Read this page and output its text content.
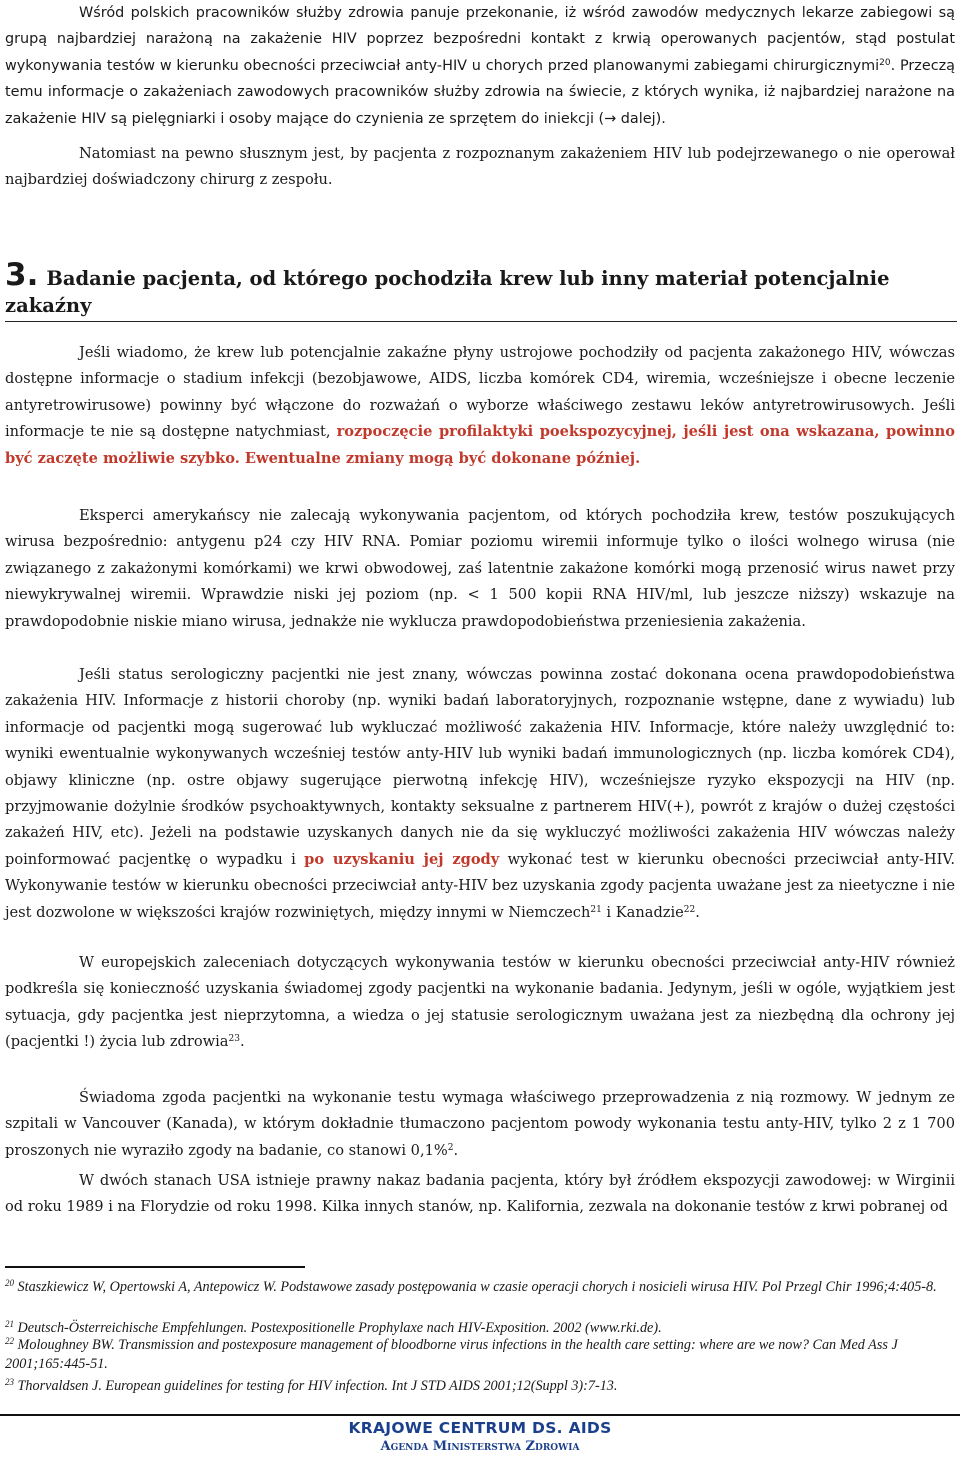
Wśród polskich pracowników służby zdrowia panuje przekonanie, iż wśród zawodów medycznych lekarze zabiegowi są grupą najbardziej narażoną na zakażenie HIV poprzez bezpośredni kontakt z krwią operowanych pacjentów, stąd postulat wykonywania testów w kierunku obecności przeciwciał anty-HIV u chorych przed planowanymi zabiegami chirurgicznymi$^{20}$. Przeczą temu informacje o zakażeniach zawodowych pracowników służby zdrowia na świecie, z których wynika, iż najbardziej narażone na zakażenie HIV są pielęgniarki i osoby mające do czynienia ze sprzętem do iniekcji (→ dalej).

Natomiast na pewno słusznym jest, by pacjenta z rozpoznanym zakażeniem HIV lub podejrzewanego o nie operował najbardziej doświadczony chirurg z zespołu.

3. Badanie pacjenta, od którego pochodziła krew lub inny materiał potencjalnie zakaźny

Jeśli wiadomo, że krew lub potencjalnie zakaźne płyny ustrojowe pochodziły od pacjenta zakażonego HIV, wówczas dostępne informacje o stadium infekcji (bezobjawowe, AIDS, liczba komórek CD4, wiremia, wcześniejsze i obecne leczenie antyretrowirusowe) powinny być włączone do rozważań o wyborze właściwego zestawu leków antyretrowirusowych. Jeśli informacje te nie są dostępne natychmiast, rozpoczęcie profilaktyki poekspozycyjnej, jeśli jest ona wskazana, powinno być zaczęte możliwie szybko. Ewentualne zmiany mogą być dokonane później.

Eksperci amerykańscy nie zalecają wykonywania pacjentom, od których pochodziła krew, testów poszukujących wirusa bezpośrednio: antygenu p24 czy HIV RNA. Pomiar poziomu wiremii informuje tylko o ilości wolnego wirusa (nie związanego z zakażonymi komórkami) we krwi obwodowej, zaś latentnie zakażone komórki mogą przenosić wirus nawet przy niewykrywalnej wiremii. Wprawdzie niski jej poziom (np. < 1 500 kopii RNA HIV/ml, lub jeszcze niższy) wskazuje na prawdopodobnie niskie miano wirusa, jednakże nie wyklucza prawdopodobieństwa przeniesienia zakażenia.

Jeśli status serologiczny pacjentki nie jest znany, wówczas powinna zostać dokonana ocena prawdopodobieństwa zakażenia HIV. Informacje z historii choroby (np. wyniki badań laboratoryjnych, rozpoznanie wstępne, dane z wywiadu) lub informacje od pacjentki mogą sugerować lub wykluczać możliwość zakażenia HIV. Informacje, które należy uwzględnić to: wyniki ewentualnie wykonywanych wcześniej testów anty-HIV lub wyniki badań immunologicznych (np. liczba komórek CD4), objawy kliniczne (np. ostre objawy sugerujące pierwotną infekcję HIV), wcześniejsze ryzyko ekspozycji na HIV (np. przyjmowanie dożylnie środków psychoaktywnych, kontakty seksualne z partnerem HIV(+), powrót z krajów o dużej częstości zakażeń HIV, etc). Jeżeli na podstawie uzyskanych danych nie da się wykluczyć możliwości zakażenia HIV wówczas należy poinformować pacjentkę o wypadku i po uzyskaniu jej zgody wykonać test w kierunku obecności przeciwciał anty-HIV. Wykonywanie testów w kierunku obecności przeciwciał anty-HIV bez uzyskania zgody pacjenta uważane jest za nieetyczne i nie jest dozwolone w większości krajów rozwiniętych, między innymi w Niemczech$^{21}$ i Kanadzie$^{22}$.

W europejskich zaleceniach dotyczących wykonywania testów w kierunku obecności przeciwciał anty-HIV również podkreśla się konieczność uzyskania świadomej zgody pacjentki na wykonanie badania. Jedynym, jeśli w ogóle, wyjątkiem jest sytuacja, gdy pacjentka jest nieprzytomna, a wiedza o jej statusie serologicznym uważana jest za niezbędną dla ochrony jej (pacjentki !) życia lub zdrowia$^{23}$.

Świadoma zgoda pacjentki na wykonanie testu wymaga właściwego przeprowadzenia z nią rozmowy. W jednym ze szpitali w Vancouver (Kanada), w którym dokładnie tłumaczono pacjentom powody wykonania testu anty-HIV, tylko 2 z 1 700 proszonych nie wyraziło zgody na badanie, co stanowi 0,1%$^2$.

W dwóch stanach USA istnieje prawny nakaz badania pacjenta, który był źródłem ekspozycji zawodowej: w Wirginii od roku 1989 i na Florydzie od roku 1998. Kilka innych stanów, np. Kalifornia, zezwala na dokonanie testów z krwi pobranej od

$^{20}$ Staszkiewicz W, Opertowski A, Antepowicz W. Podstawowe zasady postępowania w czasie operacji chorych i nosicieli wirusa HIV. Pol Przegl Chir 1996;4:405-8.

$^{21}$ Deutsch-Österreichische Empfehlungen. Postexpositionelle Prophylaxe nach HIV-Exposition. 2002 (www.rki.de).

$^{22}$ Moloughney BW. Transmission and postexposure management of bloodborne virus infections in the health care setting: where are we now? Can Med Ass J 2001;165:445-51.

$^{23}$ Thorvaldsen J. European guidelines for testing for HIV infection. Int J STD AIDS 2001;12(Suppl 3):7-13.

KRAJOWE CENTRUM DS. AIDS
Agenda Ministerstwa Zdrowia
